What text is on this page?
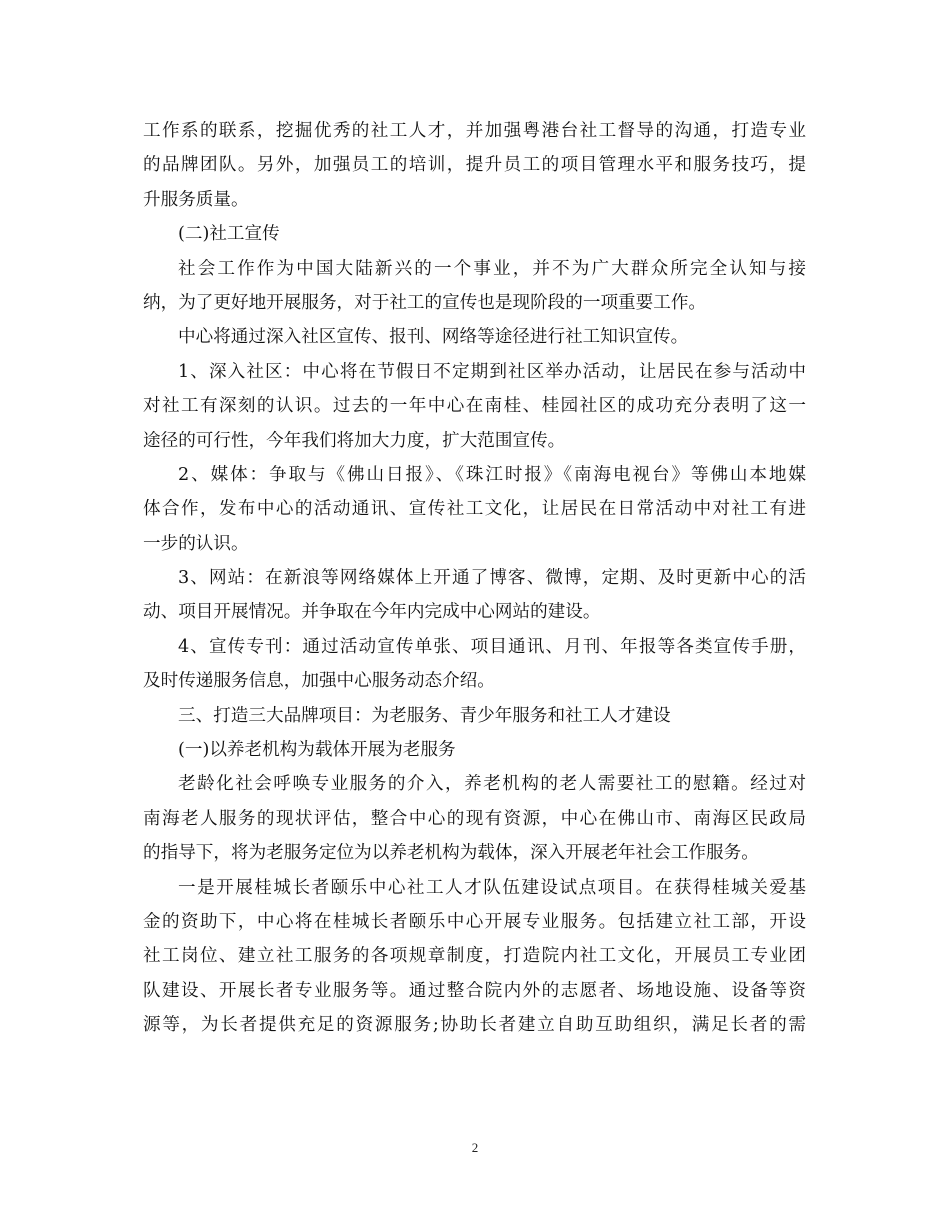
工作系的联系，挖掘优秀的社工人才，并加强粤港台社工督导的沟通，打造专业
的品牌团队。另外，加强员工的培训，提升员工的项目管理水平和服务技巧，提
升服务质量。
(二)社工宣传
社会工作作为中国大陆新兴的一个事业，并不为广大群众所完全认知与接
纳，为了更好地开展服务，对于社工的宣传也是现阶段的一项重要工作。
中心将通过深入社区宣传、报刊、网络等途径进行社工知识宣传。
1、深入社区：中心将在节假日不定期到社区举办活动，让居民在参与活动中
对社工有深刻的认识。过去的一年中心在南桂、桂园社区的成功充分表明了这一
途径的可行性，今年我们将加大力度，扩大范围宣传。
2、媒体：争取与《佛山日报》、《珠江时报》《南海电视台》等佛山本地媒
体合作，发布中心的活动通讯、宣传社工文化，让居民在日常活动中对社工有进
一步的认识。
3、网站：在新浪等网络媒体上开通了博客、微博，定期、及时更新中心的活
动、项目开展情况。并争取在今年内完成中心网站的建设。
4、宣传专刊：通过活动宣传单张、项目通讯、月刊、年报等各类宣传手册，
及时传递服务信息，加强中心服务动态介绍。
三、打造三大品牌项目：为老服务、青少年服务和社工人才建设
(一)以养老机构为载体开展为老服务
老龄化社会呼唤专业服务的介入，养老机构的老人需要社工的慰籍。经过对
南海老人服务的现状评估，整合中心的现有资源，中心在佛山市、南海区民政局
的指导下，将为老服务定位为以养老机构为载体，深入开展老年社会工作服务。
一是开展桂城长者颐乐中心社工人才队伍建设试点项目。在获得桂城关爱基
金的资助下，中心将在桂城长者颐乐中心开展专业服务。包括建立社工部，开设
社工岗位、建立社工服务的各项规章制度，打造院内社工文化，开展员工专业团
队建设、开展长者专业服务等。通过整合院内外的志愿者、场地设施、设备等资
源等，为长者提供充足的资源服务;协助长者建立自助互助组织，满足长者的需
2
